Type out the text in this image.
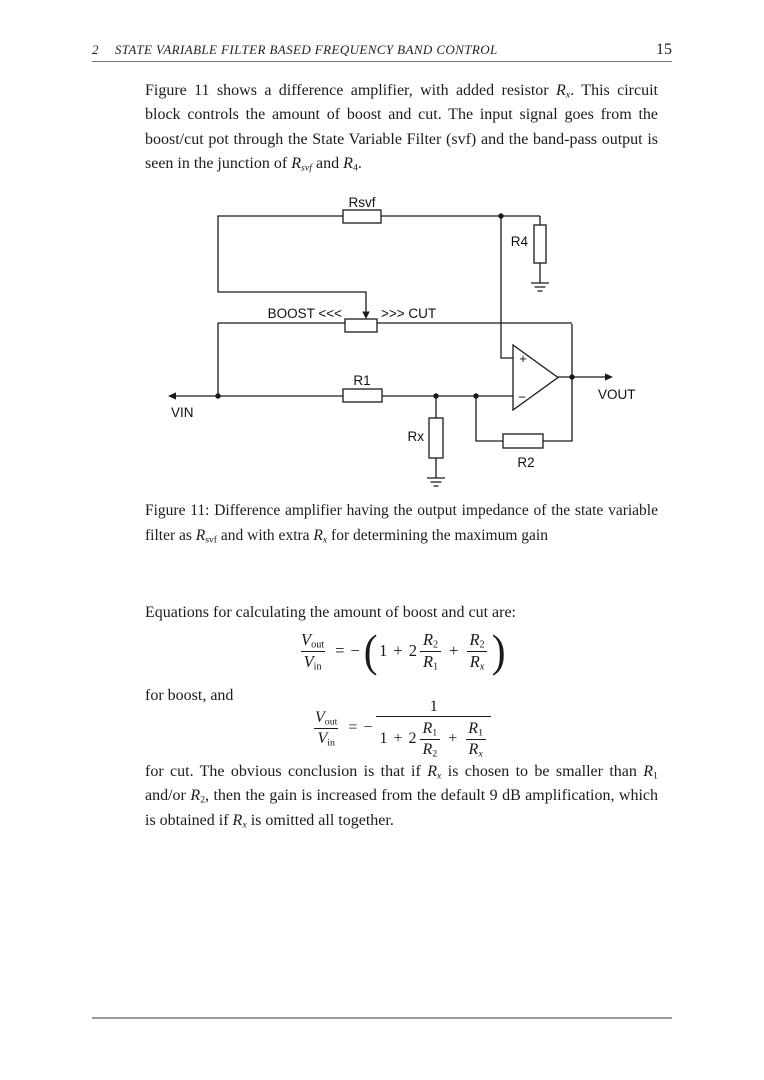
2 STATE VARIABLE FILTER BASED FREQUENCY BAND CONTROL	15

Figure 11 shows a difference amplifier, with added resistor $R_x$. This circuit block controls the amount of boost and cut. The input signal goes from the boost/cut pot through the State Variable Filter (svf) and the band-pass output is seen in the junction of $R_{svf}$ and $R_4$.

Rsvf
R4
BOOST <<<	>>> CUT
R1
VIN
Rx
R2
VOUT
+
−

Figure 11: Difference amplifier having the output impedance of the state variable filter as $R_{svf}$ and with extra $R_x$ for determining the maximum gain

Equations for calculating the amount of boost and cut are:

$\frac{V_{out}}{V_{in}}$ = − ( $1 + 2 \frac{R_2}{R_1} + \frac{R_2}{R_x}$ )

for boost, and

$\frac{V_{out}}{V_{in}}$ = −
1
$1 + 2 \frac{R_1}{R_2} + \frac{R_1}{R_x}$

for cut. The obvious conclusion is that if $R_x$ is chosen to be smaller than $R_1$ and/or $R_2$, then the gain is increased from the default 9 dB amplification, which is obtained if $R_x$ is omitted all together.
